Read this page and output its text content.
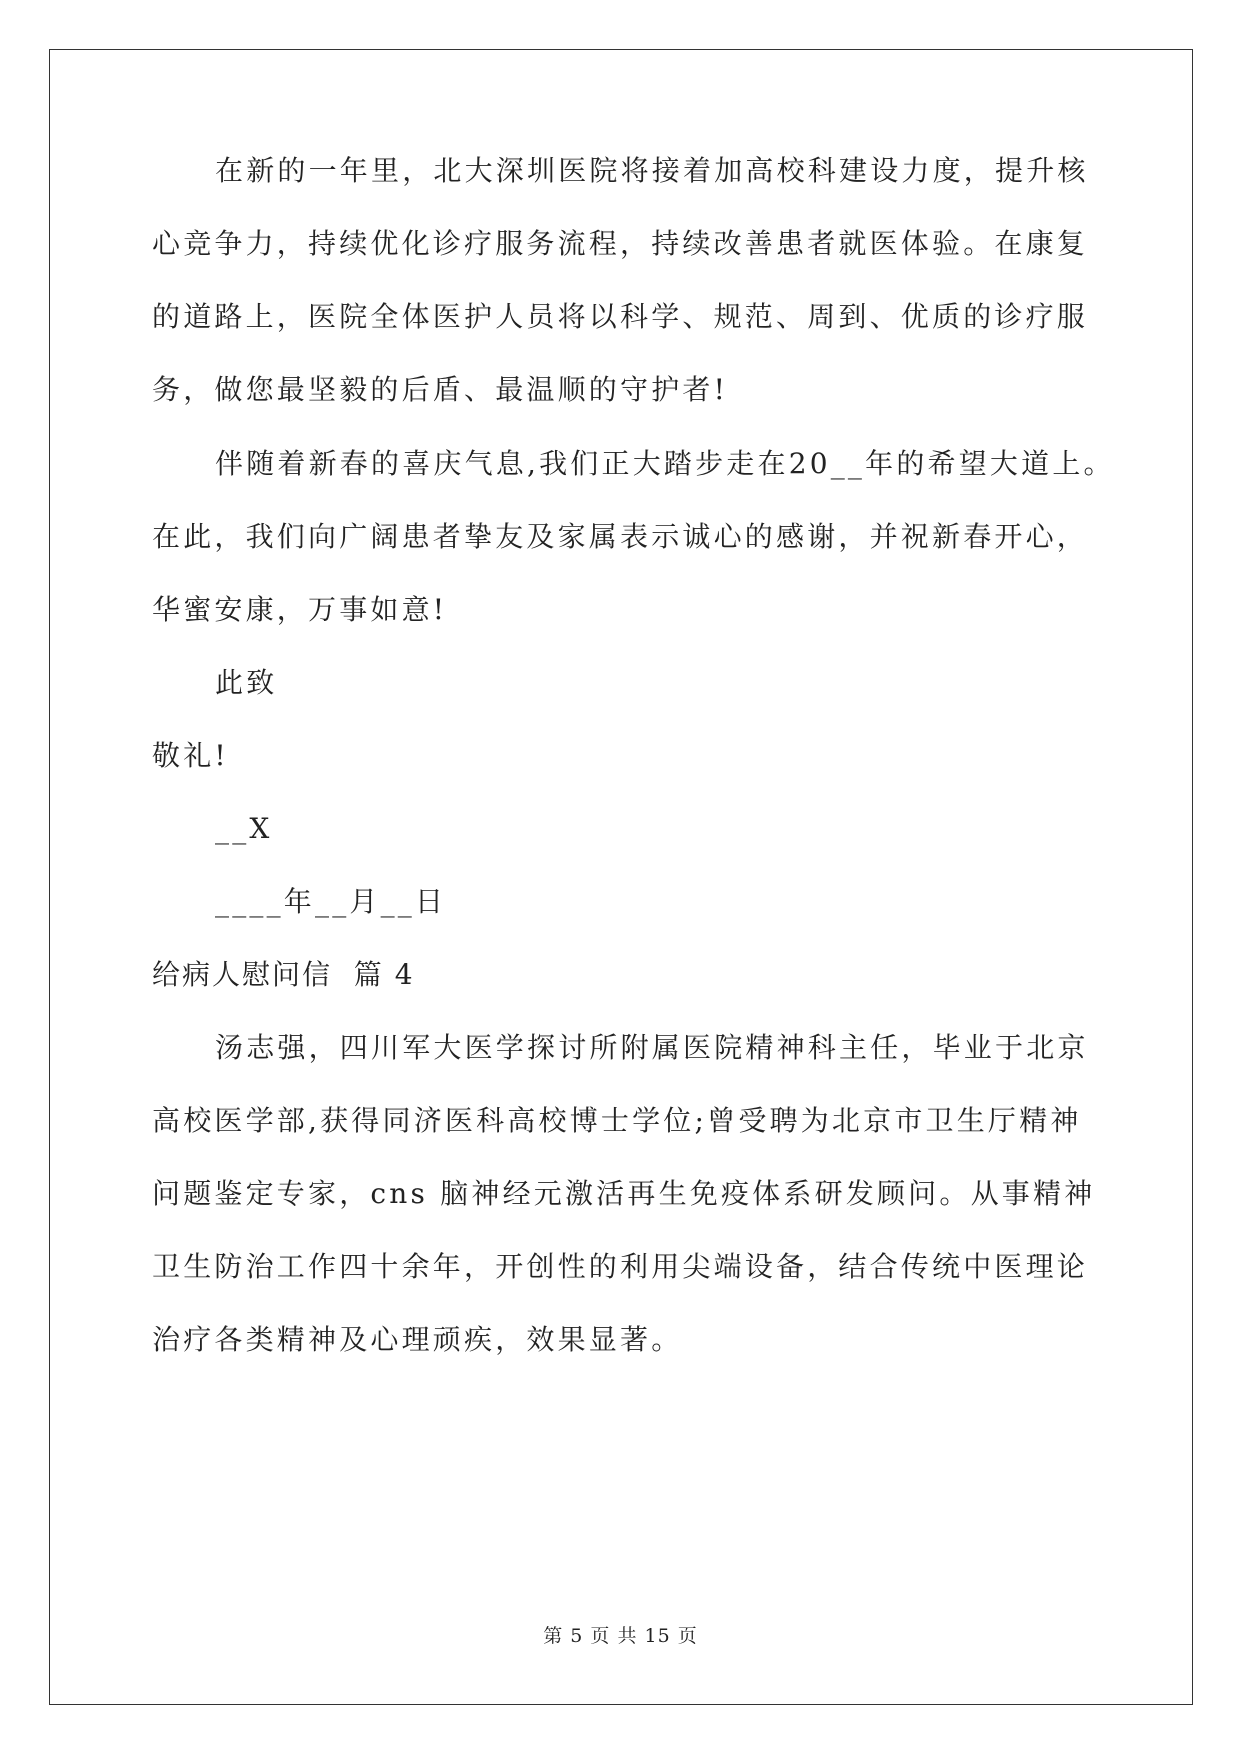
在新的一年里，北大深圳医院将接着加高校科建设力度，提升核
心竞争力，持续优化诊疗服务流程，持续改善患者就医体验。在康复
的道路上，医院全体医护人员将以科学、规范、周到、优质的诊疗服
务，做您最坚毅的后盾、最温顺的守护者!
伴随着新春的喜庆气息,我们正大踏步走在20__年的希望大道上。
在此，我们向广阔患者挚友及家属表示诚心的感谢，并祝新春开心，
华蜜安康，万事如意!
此致
敬礼!
__X
____年__月__日
给病人慰问信  篇 4
汤志强，四川军大医学探讨所附属医院精神科主任，毕业于北京
高校医学部,获得同济医科高校博士学位;曾受聘为北京市卫生厅精神
问题鉴定专家，cns 脑神经元激活再生免疫体系研发顾问。从事精神
卫生防治工作四十余年，开创性的利用尖端设备，结合传统中医理论
治疗各类精神及心理顽疾，效果显著。
第 5 页 共 15 页
